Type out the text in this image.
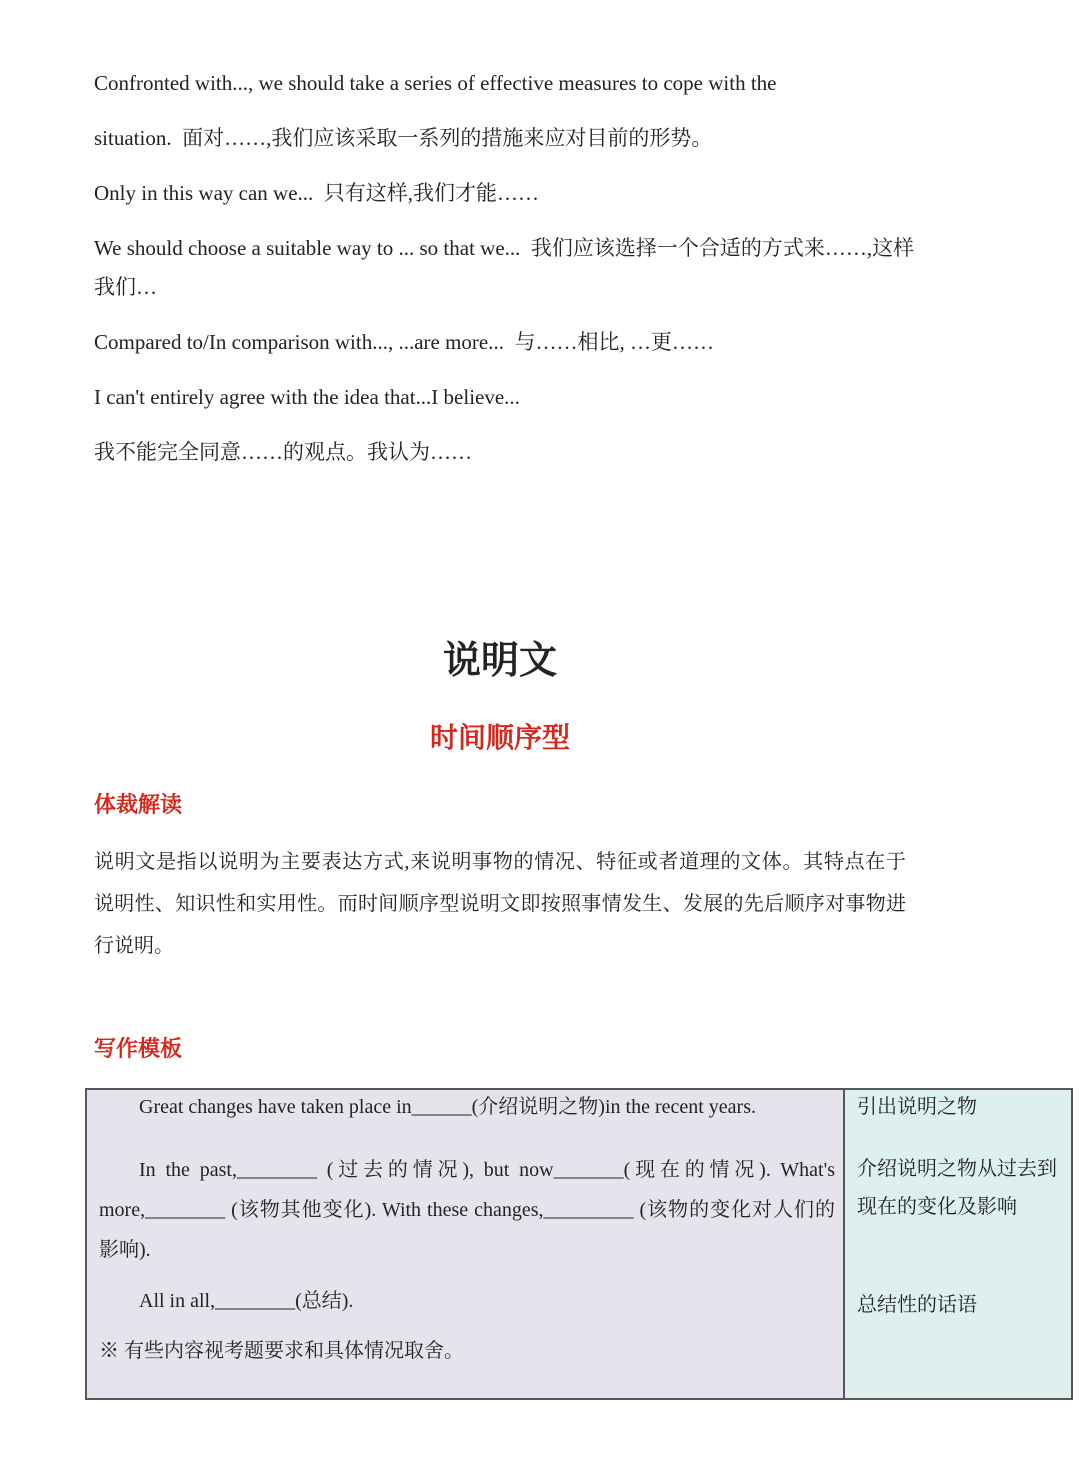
Confronted with..., we should take a series of effective measures to cope with the
situation.  面对……,我们应该采取一系列的措施来应对目前的形势。
Only in this way can we...  只有这样,我们才能……
We should choose a suitable way to ... so that we...  我们应该选择一个合适的方式来……,这样
我们…
Compared to/In comparison with..., ...are more...  与……相比, …更……
I can't entirely agree with the idea that...I believe...
我不能完全同意……的观点。我认为……
说明文
时间顺序型
体裁解读
说明文是指以说明为主要表达方式,来说明事物的情况、特征或者道理的文体。其特点在于
说明性、知识性和实用性。而时间顺序型说明文即按照事情发生、发展的先后顺序对事物进
行说明。
写作模板
Great changes have taken place in______(介绍说明之物)in the recent years.
In the past,________ (过去的情况), but now_______(现在的情况). What's
more,________ (该物其他变化). With these changes,_________ (该物的变化对人们的
影响).
All in all,________(总结).
※ 有些内容视考题要求和具体情况取舍。
引出说明之物
介绍说明之物从过去到现在的变化及影响
总结性的话语
